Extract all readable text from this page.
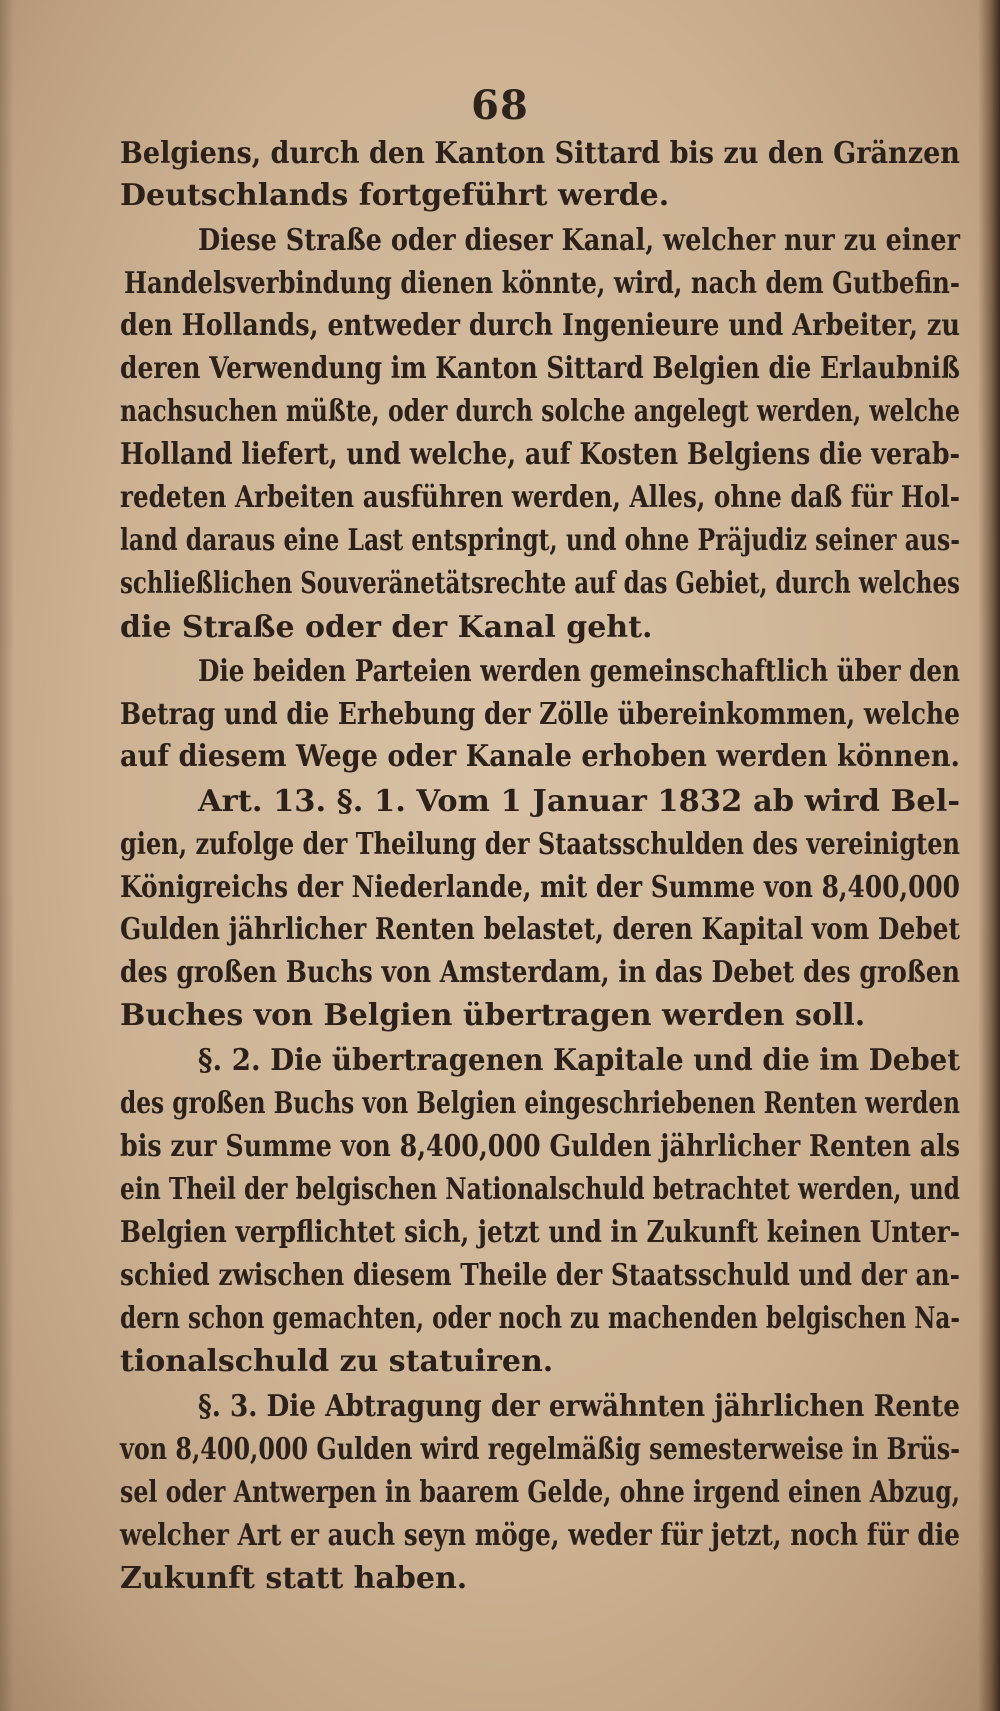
68
Belgiens, durch den Kanton Sittard bis zu den Gränzen
Deutschlands fortgeführt werde.
Diese Straße oder dieser Kanal, welcher nur zu einer
Handelsverbindung dienen könnte, wird, nach dem Gutbefin-
den Hollands, entweder durch Ingenieure und Arbeiter, zu
deren Verwendung im Kanton Sittard Belgien die Erlaubniß
nachsuchen müßte, oder durch solche angelegt werden, welche
Holland liefert, und welche, auf Kosten Belgiens die verab-
redeten Arbeiten ausführen werden, Alles, ohne daß für Hol-
land daraus eine Last entspringt, und ohne Präjudiz seiner aus-
schließlichen Souveränetätsrechte auf das Gebiet, durch welches
die Straße oder der Kanal geht.
Die beiden Parteien werden gemeinschaftlich über den
Betrag und die Erhebung der Zölle übereinkommen, welche
auf diesem Wege oder Kanale erhoben werden können.
Art. 13. §. 1. Vom 1 Januar 1832 ab wird Bel-
gien, zufolge der Theilung der Staatsschulden des vereinigten
Königreichs der Niederlande, mit der Summe von 8,400,000
Gulden jährlicher Renten belastet, deren Kapital vom Debet
des großen Buchs von Amsterdam, in das Debet des großen
Buches von Belgien übertragen werden soll.
§. 2. Die übertragenen Kapitale und die im Debet
des großen Buchs von Belgien eingeschriebenen Renten werden
bis zur Summe von 8,400,000 Gulden jährlicher Renten als
ein Theil der belgischen Nationalschuld betrachtet werden, und
Belgien verpflichtet sich, jetzt und in Zukunft keinen Unter-
schied zwischen diesem Theile der Staatsschuld und der an-
dern schon gemachten, oder noch zu machenden belgischen Na-
tionalschuld zu statuiren.
§. 3. Die Abtragung der erwähnten jährlichen Rente
von 8,400,000 Gulden wird regelmäßig semesterweise in Brüs-
sel oder Antwerpen in baarem Gelde, ohne irgend einen Abzug,
welcher Art er auch seyn möge, weder für jetzt, noch für die
Zukunft statt haben.
